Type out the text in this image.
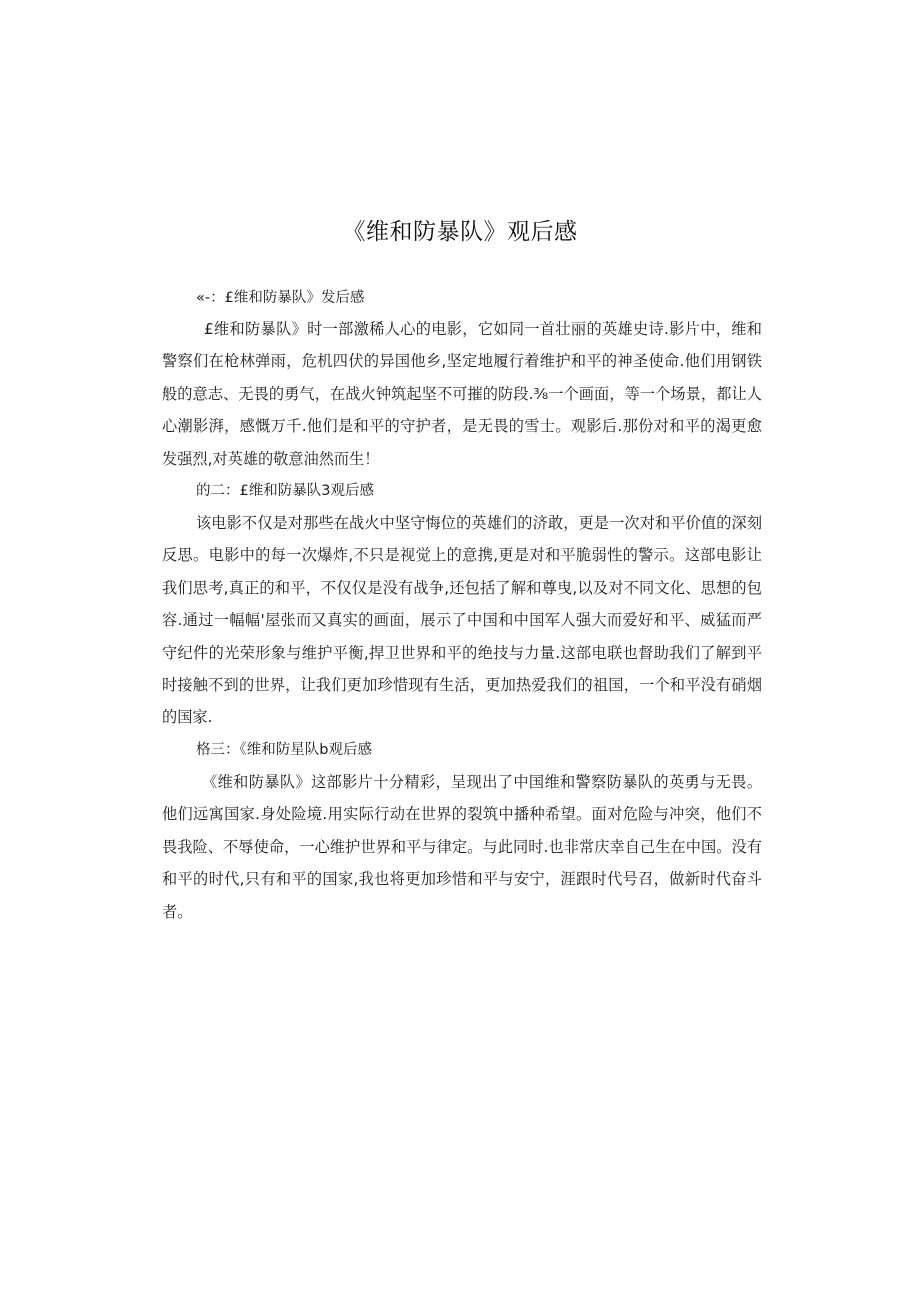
《维和防暴队》观后感
«-：£维和防暴队》发后感
£维和防暴队》时一部激稀人心的电影，它如同一首壮丽的英雄史诗.影片中，维和警察们在枪林弹雨，危机四伏的异国他乡,坚定地履行着维护和平的神圣使命.他们用钢铁般的意志、无畏的勇气，在战火钟筑起坚不可摧的防段.⅜一个画面，等一个场景，都让人心潮影湃，感慨万千.他们是和平的守护者，是无畏的雪士。观影后.那份对和平的渴更愈发强烈,对英雄的敬意油然而生！
的二：£维和防暴队3观后感
该电影不仅是对那些在战火中坚守悔位的英雄们的济敢，更是一次对和平价值的深刻反思。电影中的每一次爆炸,不只是视觉上的意携,更是对和平脆弱性的警示。这部电影让我们思考,真正的和平，不仅仅是没有战争,还包括了解和尊曳,以及对不同文化、思想的包容.通过一幅幅'屋张而又真实的画面，展示了中国和中国军人强大而爱好和平、威猛而严守纪件的光荣形象与维护平衡,捍卫世界和平的绝技与力量.这部电联也督助我们了解到平时接触不到的世界，让我们更加珍惜现有生活，更加热爱我们的祖国，一个和平没有硝烟的国家.
格三：《维和防星队b观后感
《维和防暴队》这部影片十分精彩，呈现出了中国维和警察防暴队的英勇与无畏。他们远寓国家.身处险境.用实际行动在世界的裂筑中播种希望。面对危险与冲突，他们不畏我险、不辱使命，一心维护世界和平与律定。与此同时.也非常庆幸自己生在中国。没有和平的时代,只有和平的国家,我也将更加珍惜和平与安宁，涯跟时代号召，做新时代奋斗者。
